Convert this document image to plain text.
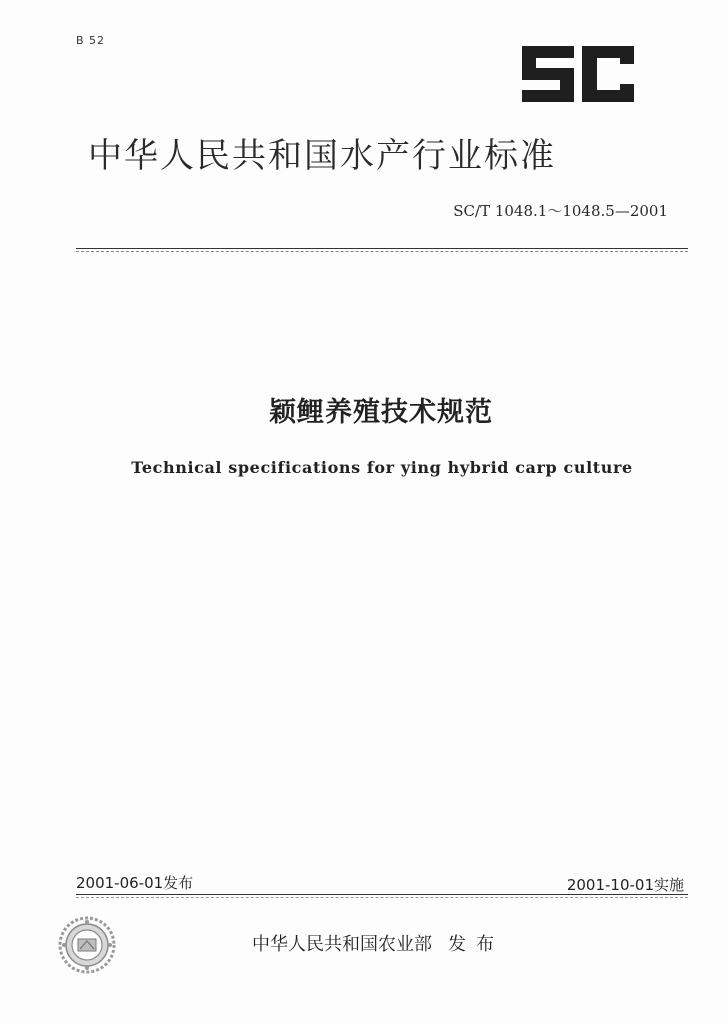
B 52
中华人民共和国水产行业标准
SC/T 1048.1～1048.5—2001
颖鲤养殖技术规范
Technical specifications for ying hybrid carp culture
2001-06-01发布	2001-10-01实施
中华人民共和国农业部 发布
